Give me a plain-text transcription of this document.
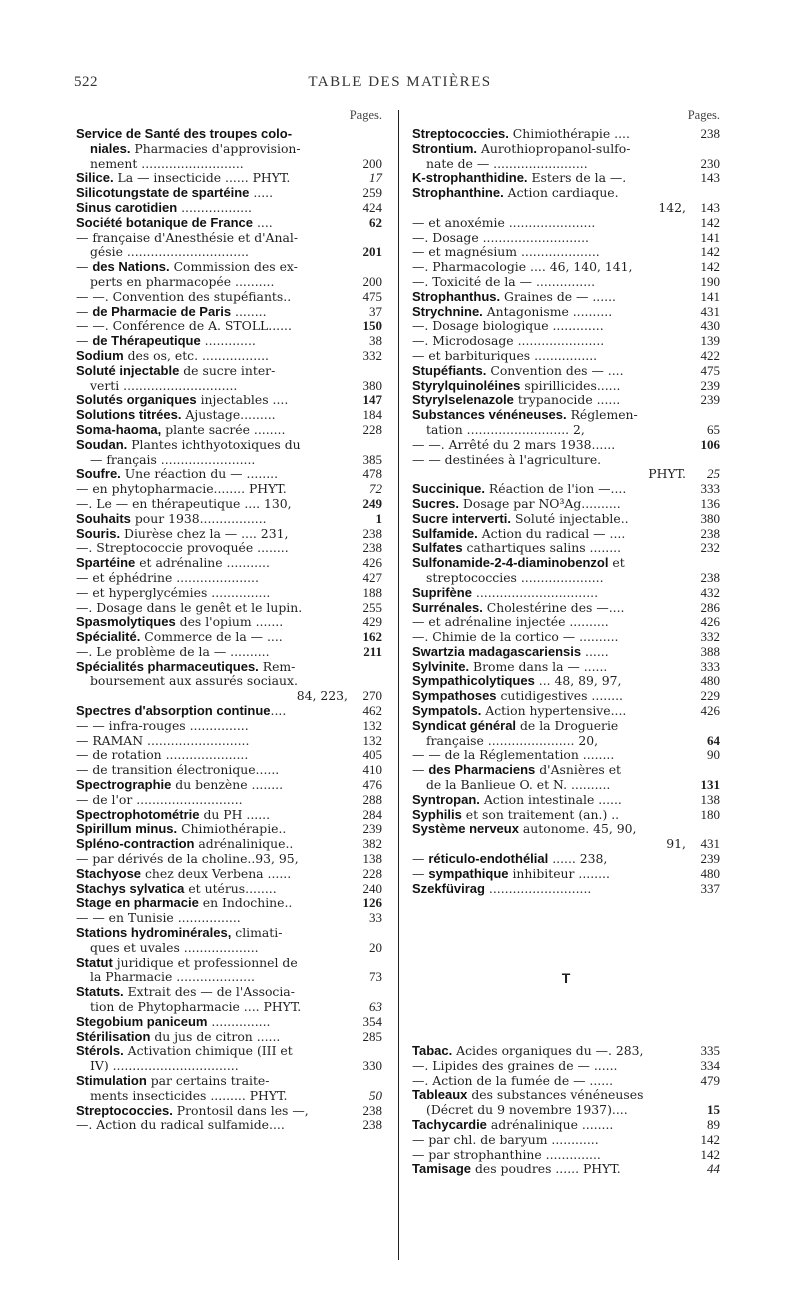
522	TABLE DES MATIÈRES
Pages.
Service de Santé des troupes colo-
niales. Pharmacies d'approvision-
nement ..........................	200
Silice. La — insecticide ...... PHYT.	17
Silicotungstate de spartéine .....	259
Sinus carotidien ..................	424
Société botanique de France ....	62
— française d'Anesthésie et d'Anal-
gésie ...............................	201
— des Nations. Commission des ex-
perts en pharmacopée ..........	200
— —. Convention des stupéfiants..	475
— de Pharmacie de Paris ........	37
— —. Conférence de A. STOLL......	150
— de Thérapeutique .............	38
Sodium des os, etc. .................	332
Soluté injectable de sucre inter-
verti .............................	380
Solutés organiques injectables ....	147
Solutions titrées. Ajustage.........	184
Soma-haoma, plante sacrée ........	228
Soudan. Plantes ichthyotoxiques du
— français ........................	385
Soufre. Une réaction du — ........	478
— en phytopharmacie........ PHYT.	72
—. Le — en thérapeutique .... 130,	249
Souhaits pour 1938.................	1
Souris. Diurèse chez la — .... 231,	238
—. Streptococcie provoquée ........	238
Spartéine et adrénaline ...........	426
— et éphédrine .....................	427
— et hyperglycémies ...............	188
—. Dosage dans le genêt et le lupin.	255
Spasmolytiques des l'opium .......	429
Spécialité. Commerce de la — ....	162
—. Le problème de la — ..........	211
Spécialités pharmaceutiques. Rem-
boursement aux assurés sociaux.
84, 223,	270
Spectres d'absorption continue....	462
— — infra-rouges ...............	132
— RAMAN ..........................	132
— de rotation .....................	405
— de transition électronique......	410
Spectrographie du benzène ........	476
— de l'or ...........................	288
Spectrophotométrie du PH ......	284
Spirillum minus. Chimiothérapie..	239
Spléno-contraction adrénalinique..	382
— par dérivés de la choline..93, 95,	138
Stachyose chez deux Verbena ......	228
Stachys sylvatica et utérus........	240
Stage en pharmacie en Indochine..	126
— — en Tunisie ................	33
Stations hydrominérales, climati-
ques et uvales ...................	20
Statut juridique et professionnel de
la Pharmacie ....................	73
Statuts. Extrait des — de l'Associa-
tion de Phytopharmacie .... PHYT.	63
Stegobium paniceum ...............	354
Stérilisation du jus de citron ......	285
Stérols. Activation chimique (III et
IV) ................................	330
Stimulation par certains traite-
ments insecticides ......... PHYT.	50
Streptococcies. Prontosil dans les —,	238
—. Action du radical sulfamide....	238
Pages.
Streptococcies. Chimiothérapie ....	238
Strontium. Aurothiopropanol-sulfo-
nate de — ........................	230
K-strophanthidine. Esters de la —.	143
Strophanthine. Action cardiaque.
142,	143
— et anoxémie ......................	142
—. Dosage ...........................	141
— et magnésium ....................	142
—. Pharmacologie .... 46, 140, 141,	142
—. Toxicité de la — ...............	190
Strophanthus. Graines de — ......	141
Strychnine. Antagonisme ..........	431
—. Dosage biologique .............	430
—. Microdosage ......................	139
— et barbituriques ................	422
Stupéfiants. Convention des — ....	475
Styrylquinoléines spirillicides......	239
Styrylselenazole trypanocide ......	239
Substances vénéneuses. Réglemen-
tation .......................... 2,	65
— —. Arrêté du 2 mars 1938......	106
— — destinées à l'agriculture.
PHYT.	25
Succinique. Réaction de l'ion —....	333
Sucres. Dosage par NO³Ag..........	136
Sucre interverti. Soluté injectable..	380
Sulfamide. Action du radical — ....	238
Sulfates cathartiques salins ........	232
Sulfonamide-2-4-diaminobenzol et
streptococcies .....................	238
Suprifène ...............................	432
Surrénales. Cholestérine des —....	286
— et adrénaline injectée ..........	426
—. Chimie de la cortico — ..........	332
Swartzia madagascariensis ......	388
Sylvinite. Brome dans la — ......	333
Sympathicolytiques ... 48, 89, 97,	480
Sympathoses cutidigestives ........	229
Sympatols. Action hypertensive....	426
Syndicat général de la Droguerie
française ...................... 20,	64
— — de la Réglementation ........	90
— des Pharmaciens d'Asnières et
de la Banlieue O. et N. ..........	131
Syntropan. Action intestinale ......	138
Syphilis et son traitement (an.) ..	180
Système nerveux autonome. 45, 90,
91,	431
— réticulo-endothélial ...... 238,	239
— sympathique inhibiteur ........	480
Szekfüvirag ..........................	337
T
Tabac. Acides organiques du —. 283,	335
—. Lipides des graines de — ......	334
—. Action de la fumée de — ......	479
Tableaux des substances vénéneuses
(Décret du 9 novembre 1937)....	15
Tachycardie adrénalinique ........	89
— par chl. de baryum ............	142
— par strophanthine ..............	142
Tamisage des poudres ...... PHYT.	44
